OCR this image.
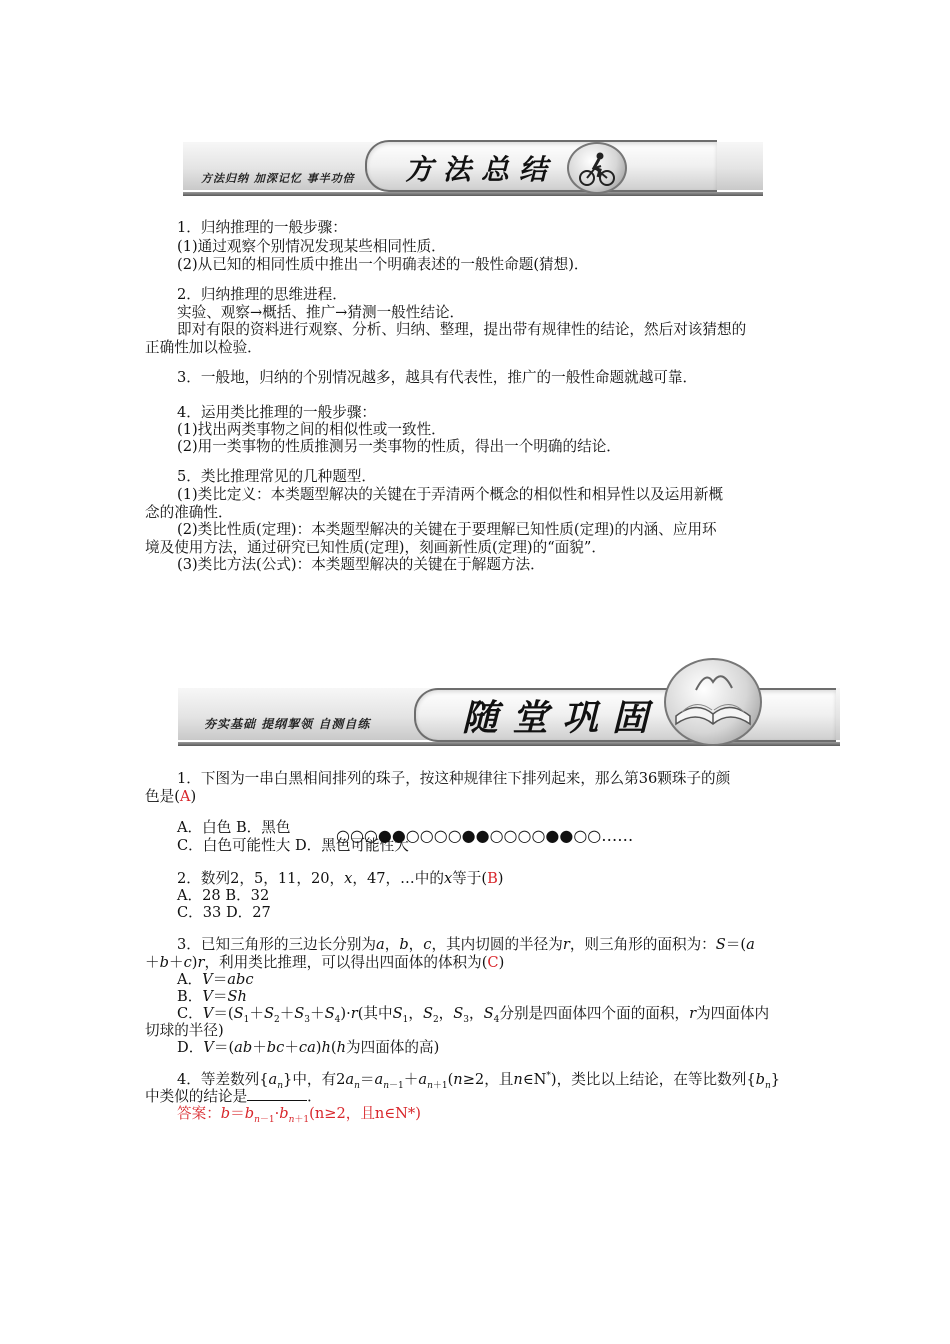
方法归纳 加深记忆 事半功倍 方法总结
1．归纳推理的一般步骤：
(1)通过观察个别情况发现某些相同性质．
(2)从已知的相同性质中推出一个明确表述的一般性命题(猜想)．
2．归纳推理的思维进程．
实验、观察→概括、推广→猜测一般性结论．
即对有限的资料进行观察、分析、归纳、整理，提出带有规律性的结论，然后对该猜想的
正确性加以检验．
3．一般地，归纳的个别情况越多，越具有代表性，推广的一般性命题就越可靠．
4．运用类比推理的一般步骤：
(1)找出两类事物之间的相似性或一致性．
(2)用一类事物的性质推测另一类事物的性质，得出一个明确的结论．
5．类比推理常见的几种题型．
(1)类比定义：本类题型解决的关键在于弄清两个概念的相似性和相异性以及运用新概
念的准确性．
(2)类比性质(定理)：本类题型解决的关键在于要理解已知性质(定理)的内涵、应用环
境及使用方法，通过研究已知性质(定理)，刻画新性质(定理)的“面貌”．
(3)类比方法(公式)：本类题型解决的关键在于解题方法．
夯实基础 提纲挈领 自测自练	随堂巩固
1．下图为一串白黑相间排列的珠子，按这种规律往下排列起来，那么第36颗珠子的颜
色是(A)
○○○●●○○○○●●○○○○●●○○……
A．白色 B．黑色
C．白色可能性大 D．黑色可能性大
2．数列2，5，11，20，x，47，…中的x等于(B)
A．28 B．32
C．33 D．27
3．已知三角形的三边长分别为a，b，c，其内切圆的半径为r，则三角形的面积为：S＝(a
＋b＋c)r，利用类比推理，可以得出四面体的体积为(C)
A．V＝abc
B．V＝Sh
C．$V=(S_1+S_2+S_3+S_4)\cdot r$(其中$S_1$，$S_2$，$S_3$，$S_4$分别是四面体四个面的面积，r为四面体内
切球的半径)
D．V＝(ab＋bc＋ca)h(h为四面体的高)
4．等差数列$\{a_n\}$中，有$2a_n=a_{n-1}+a_{n+1}(n\ge 2$，且n∈N*)，类比以上结论，在等比数列$\{b_n\}$
中类似的结论是	．
答案：$b=b_{n-1}\cdot b_{n+1}(n\ge 2$，且n∈N*)
